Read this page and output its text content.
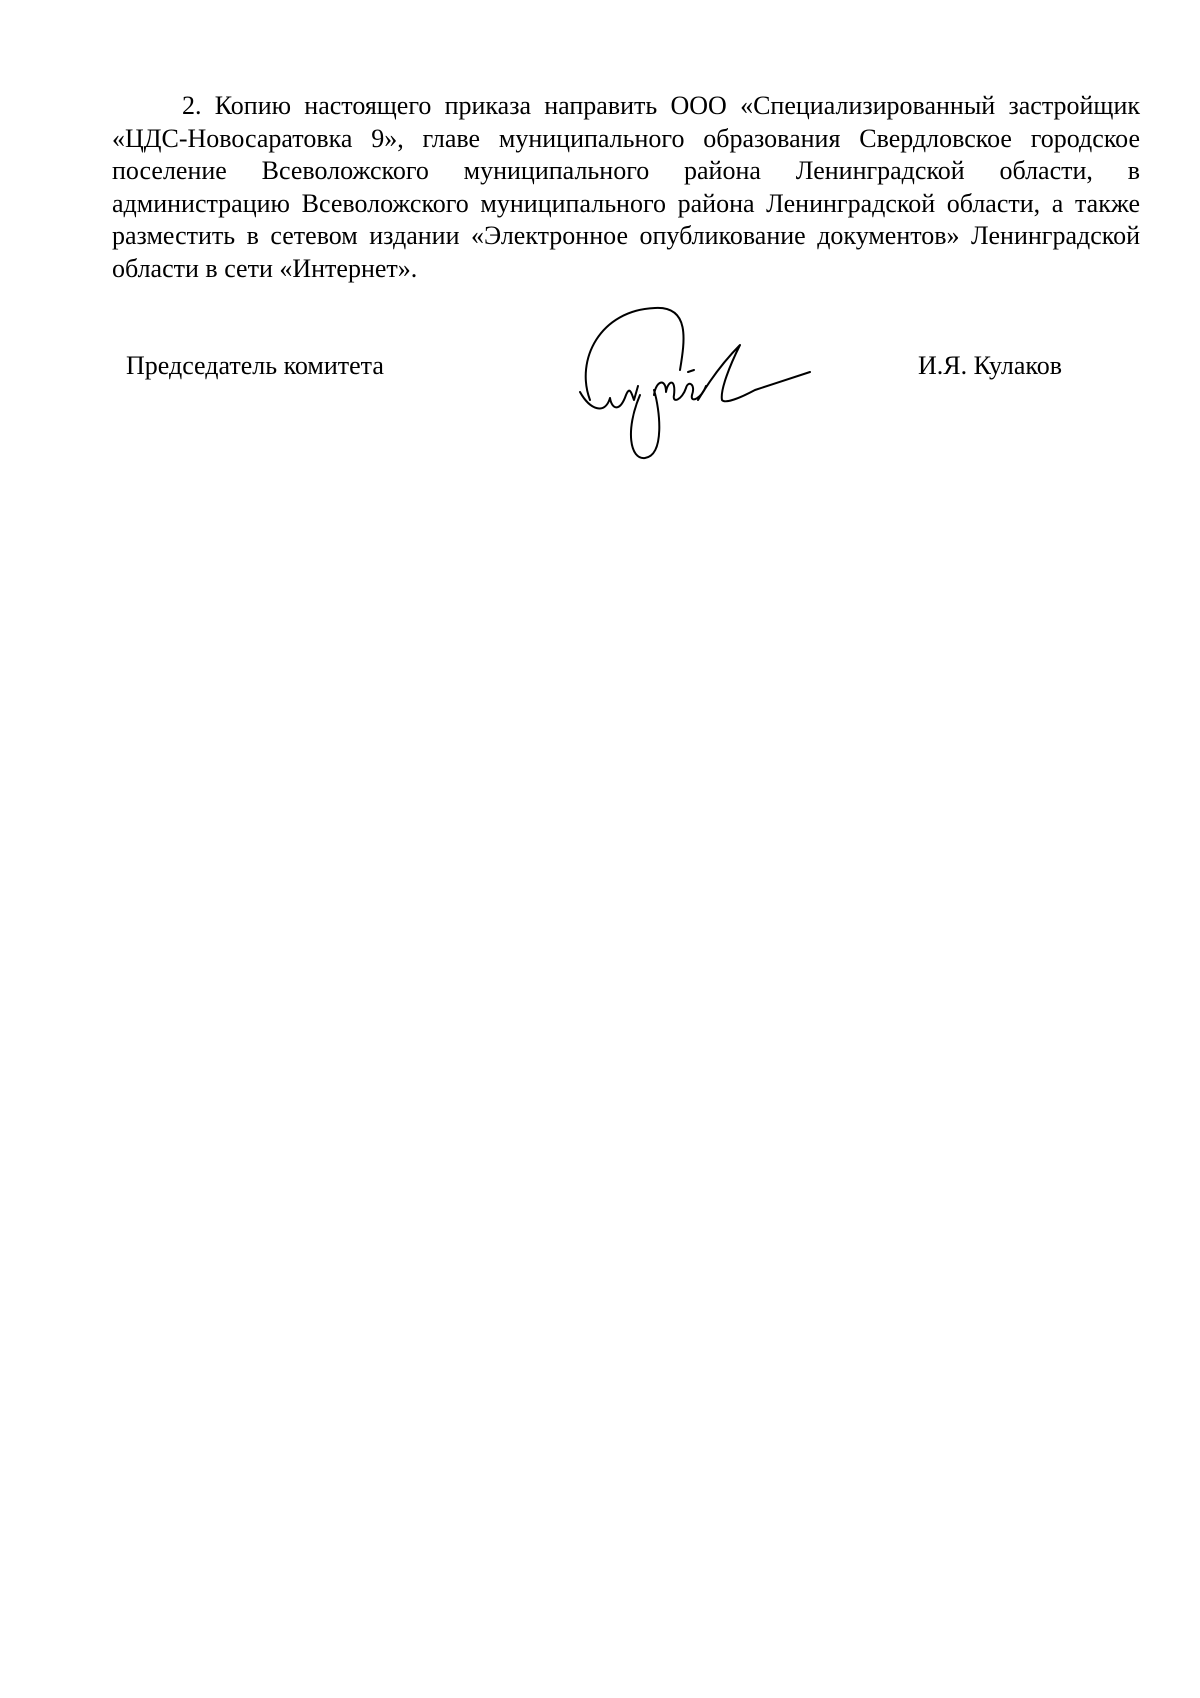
2. Копию настоящего приказа направить ООО «Специализированный застройщик «ЦДС-Новосаратовка 9», главе муниципального образования Свердловское городское поселение Всеволожского муниципального района Ленинградской области, в администрацию Всеволожского муниципального района Ленинградской области, а также разместить в сетевом издании «Электронное опубликование документов» Ленинградской области в сети «Интернет».

Председатель комитета	И.Я. Кулаков
